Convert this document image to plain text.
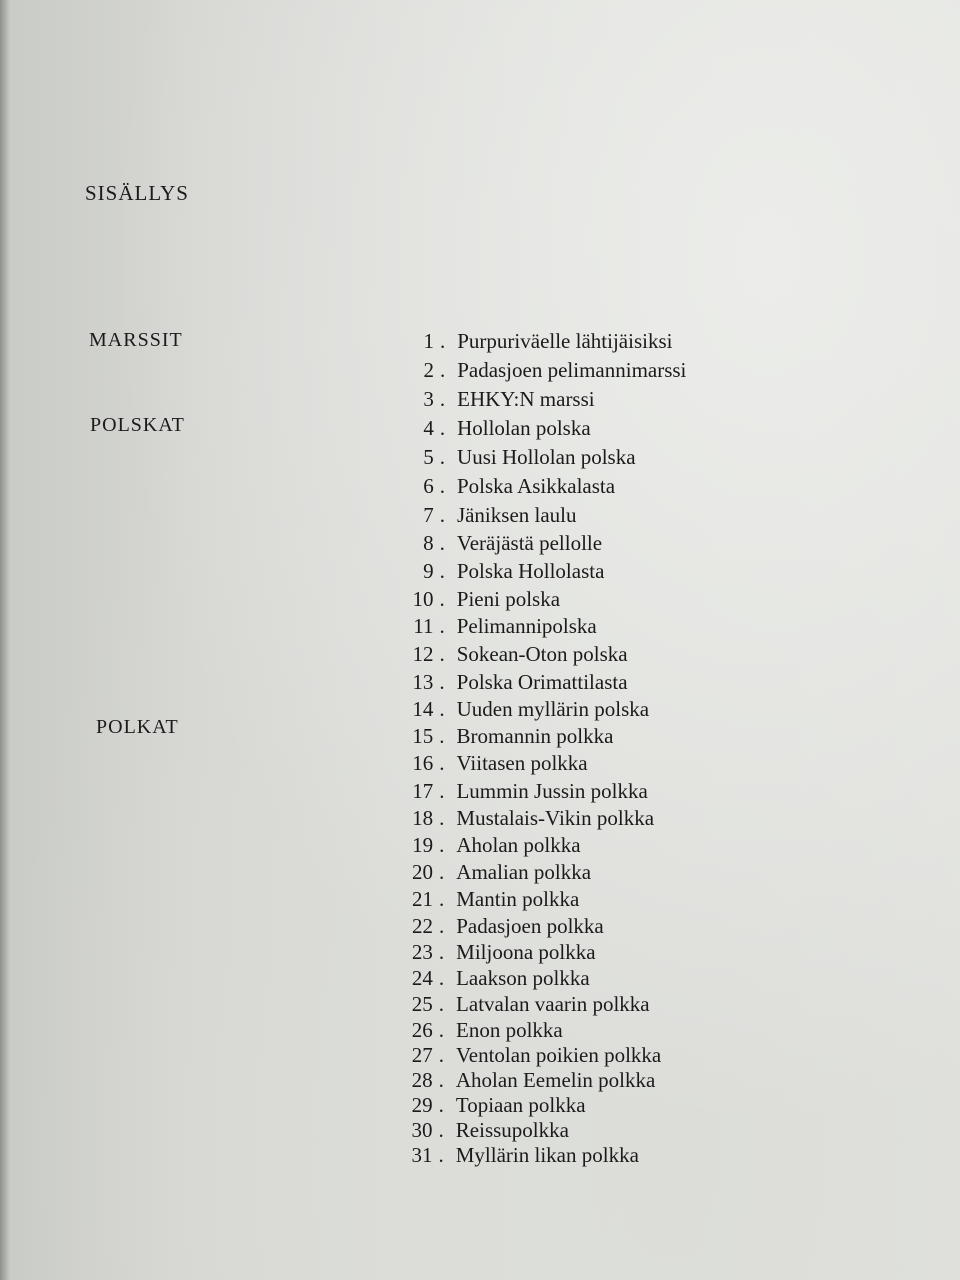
SISÄLLYS
MARSSIT
POLSKAT
POLKAT
1 . Purpuriväelle lähtijäisiksi
2 . Padasjoen pelimannimarssi
3 . EHKY:N marssi
4 . Hollolan polska
5 . Uusi Hollolan polska
6 . Polska Asikkalasta
7 . Jäniksen laulu
8 . Veräjästä pellolle
9 . Polska Hollolasta
10 . Pieni polska
11 . Pelimannipolska
12 . Sokean-Oton polska
13 . Polska Orimattilasta
14 . Uuden myllärin polska
15 . Bromannin polkka
16 . Viitasen polkka
17 . Lummin Jussin polkka
18 . Mustalais-Vikin polkka
19 . Aholan polkka
20 . Amalian polkka
21 . Mantin polkka
22 . Padasjoen polkka
23 . Miljoona polkka
24 . Laakson polkka
25 . Latvalan vaarin polkka
26 . Enon polkka
27 . Ventolan poikien polkka
28 . Aholan Eemelin polkka
29 . Topiaan polkka
30 . Reissupolkka
31 . Myllärin likan polkka
